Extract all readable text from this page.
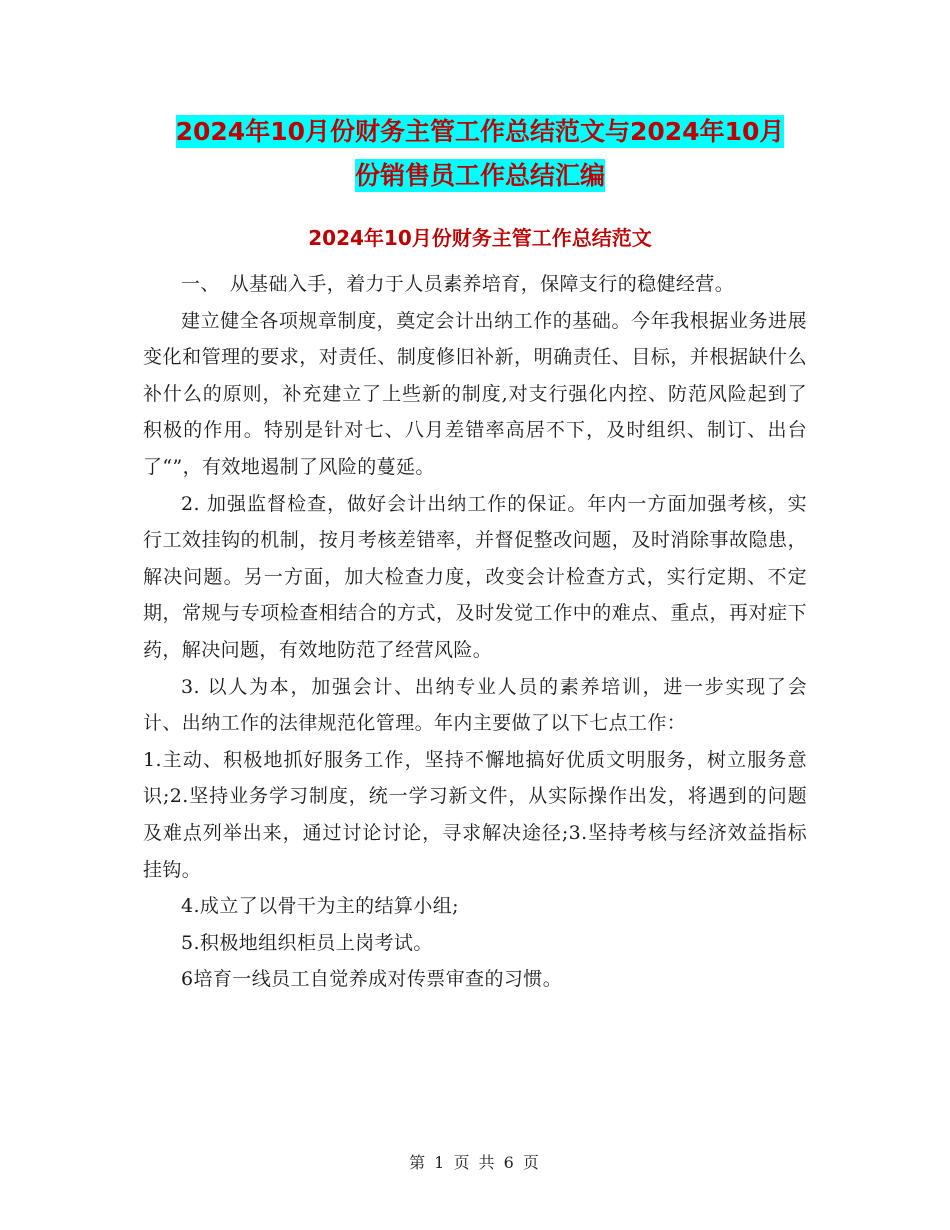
2024年10月份财务主管工作总结范文与2024年10月
份销售员工作总结汇编
2024年10月份财务主管工作总结范文

一、　从基础入手，着力于人员素养培育，保障支行的稳健经营。

建立健全各项规章制度，奠定会计出纳工作的基础。今年我根据业务进展变化和管理的要求，对责任、制度修旧补新，明确责任、目标，并根据缺什么补什么的原则，补充建立了上些新的制度,对支行强化内控、防范风险起到了积极的作用。特别是针对七、八月差错率高居不下，及时组织、制订、出台了“”，有效地遏制了风险的蔓延。

2. 加强监督检查，做好会计出纳工作的保证。年内一方面加强考核，实行工效挂钩的机制，按月考核差错率，并督促整改问题，及时消除事故隐患，解决问题。另一方面，加大检查力度，改变会计检查方式，实行定期、不定期，常规与专项检查相结合的方式，及时发觉工作中的难点、重点，再对症下药，解决问题，有效地防范了经营风险。

3. 以人为本，加强会计、出纳专业人员的素养培训，进一步实现了会计、出纳工作的法律规范化管理。年内主要做了以下七点工作：

1.主动、积极地抓好服务工作，坚持不懈地搞好优质文明服务，树立服务意识;2.坚持业务学习制度，统一学习新文件，从实际操作出发，将遇到的问题及难点列举出来，通过讨论讨论，寻求解决途径;3.坚持考核与经济效益指标挂钩。

4.成立了以骨干为主的结算小组;

5.积极地组织柜员上岗考试。

6培育一线员工自觉养成对传票审查的习惯。

第 1 页 共 6 页
